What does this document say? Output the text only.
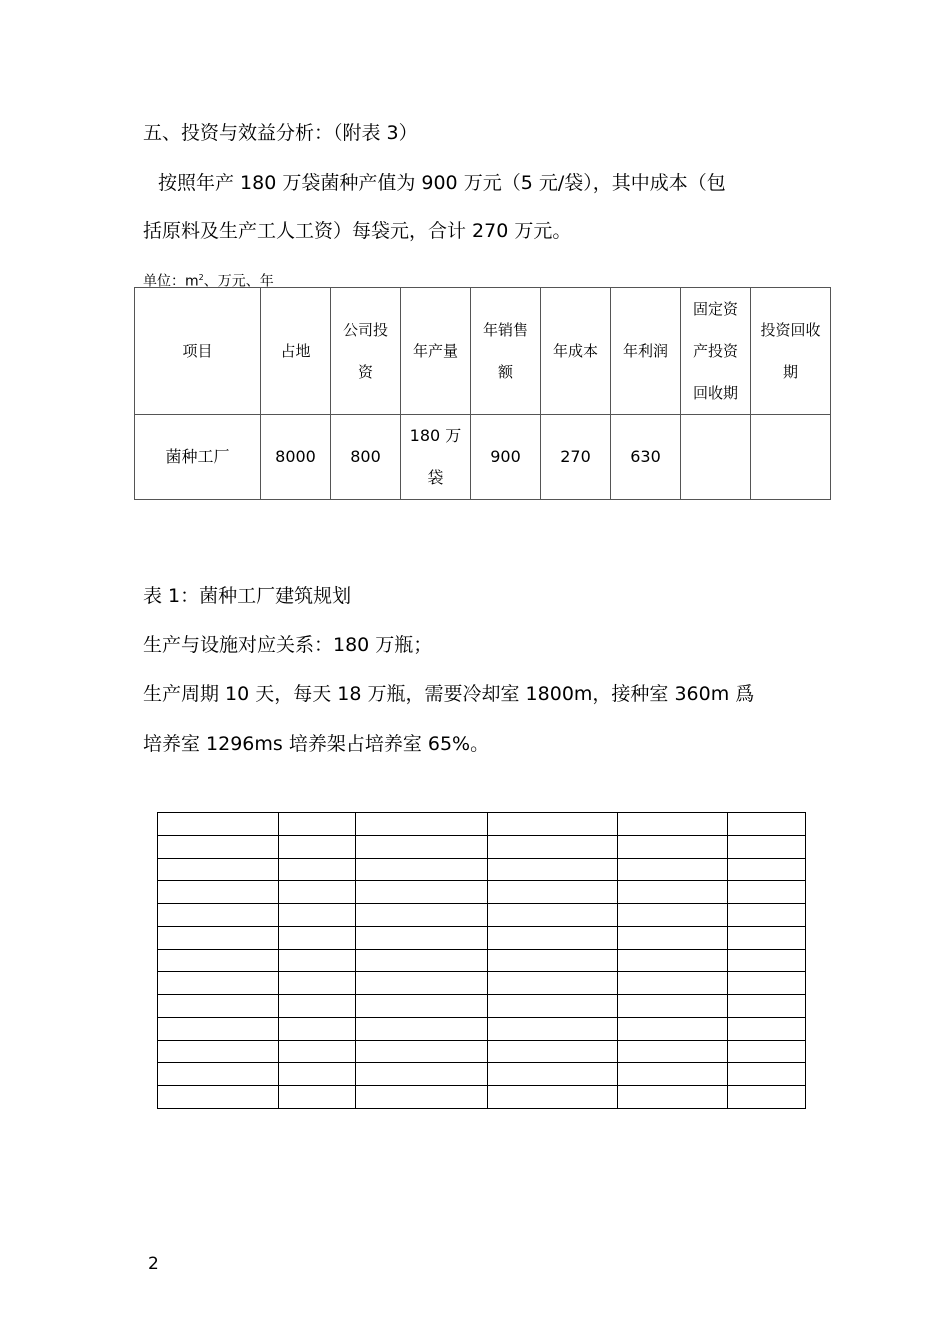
五、投资与效益分析：（附表 3）

按照年产 180 万袋菌种产值为 900 万元（5 元/袋），其中成本（包

括原料及生产工人工资）每袋元，合计 270 万元。

单位：$m^2$、万元、年
项目	占地	公司投资	年产量	年销售额	年成本	年利润	固定资产投资回收期	投资回收期
菌种工厂	8000	800	180 万袋	900	270	630		

表 1：菌种工厂建筑规划

生产与设施对应关系：180 万瓶；

生产周期 10 天，每天 18 万瓶，需要冷却室 1800m，接种室 360m 爲

培养室 1296ms 培养架占培养室 65%。

2
